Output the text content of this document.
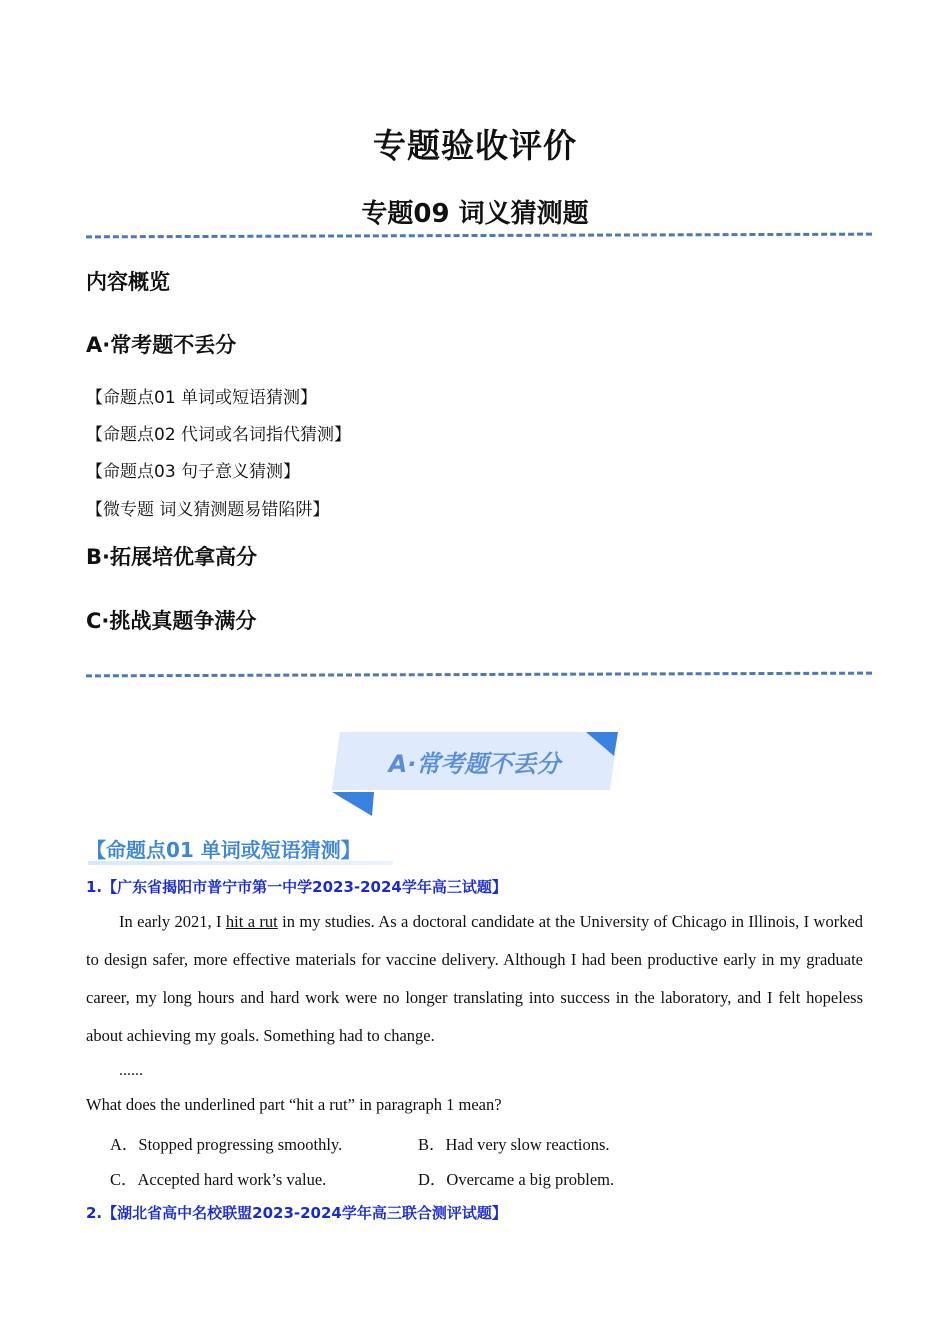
专题验收评价
专题09 词义猜测题
内容概览
A·常考题不丢分
【命题点01 单词或短语猜测】
【命题点02 代词或名词指代猜测】
【命题点03 句子意义猜测】
【微专题 词义猜测题易错陷阱】
B·拓展培优拿高分
C·挑战真题争满分
A·常考题不丢分
【命题点01 单词或短语猜测】
1.【广东省揭阳市普宁市第一中学2023-2024学年高三试题】
In early 2021, I hit a rut in my studies. As a doctoral candidate at the University of Chicago in Illinois, I worked to design safer, more effective materials for vaccine delivery. Although I had been productive early in my graduate career, my long hours and hard work were no longer translating into success in the laboratory, and I felt hopeless about achieving my goals. Something had to change.
......
What does the underlined part “hit a rut” in paragraph 1 mean?
A．Stopped progressing smoothly.	B．Had very slow reactions.
C．Accepted hard work’s value.	D．Overcame a big problem.
2.【湖北省高中名校联盟2023-2024学年高三联合测评试题】
